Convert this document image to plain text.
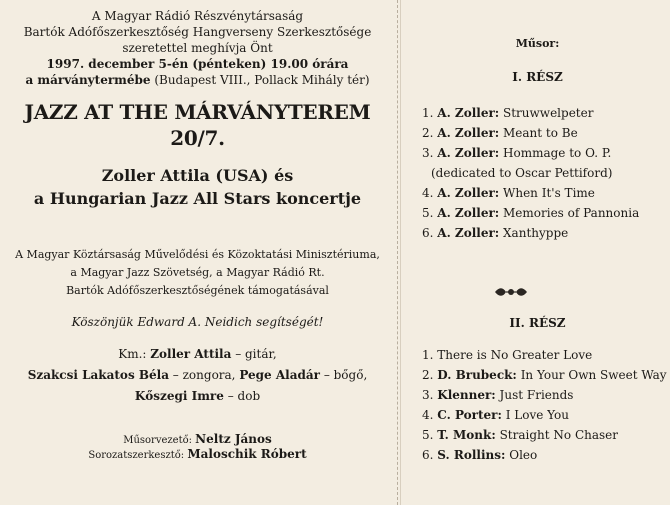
A Magyar Rádió Részvénytársaság
Bartók Adófőszerkesztőség Hangverseny Szerkesztősége
szeretettel meghívja Önt
1997. december 5-én (pénteken) 19.00 órára
a márványtermébe (Budapest VIII., Pollack Mihály tér)
JAZZ AT THE MÁRVÁNYTEREM
20/7.
Zoller Attila (USA) és
a Hungarian Jazz All Stars koncertje
A Magyar Köztársaság Művelődési és Közoktatási Minisztériuma,
a Magyar Jazz Szövetség, a Magyar Rádió Rt.
Bartók Adófőszerkesztőségének támogatásával
Köszönjük Edward A. Neidich segítségét!
Km.: Zoller Attila – gitár,
Szakcsi Lakatos Béla – zongora, Pege Aladár – bőgő,
Kőszegi Imre – dob
Műsorvezető: Neltz János
Sorozatszerkesztő: Maloschik Róbert
Műsor:
I. RÉSZ
1. A. Zoller: Struwwelpeter
2. A. Zoller: Meant to Be
3. A. Zoller: Hommage to O. P.
(dedicated to Oscar Pettiford)
4. A. Zoller: When It's Time
5. A. Zoller: Memories of Pannonia
6. A. Zoller: Xanthyppe
II. RÉSZ
1. There is No Greater Love
2. D. Brubeck: In Your Own Sweet Way
3. Klenner: Just Friends
4. C. Porter: I Love You
5. T. Monk: Straight No Chaser
6. S. Rollins: Oleo
